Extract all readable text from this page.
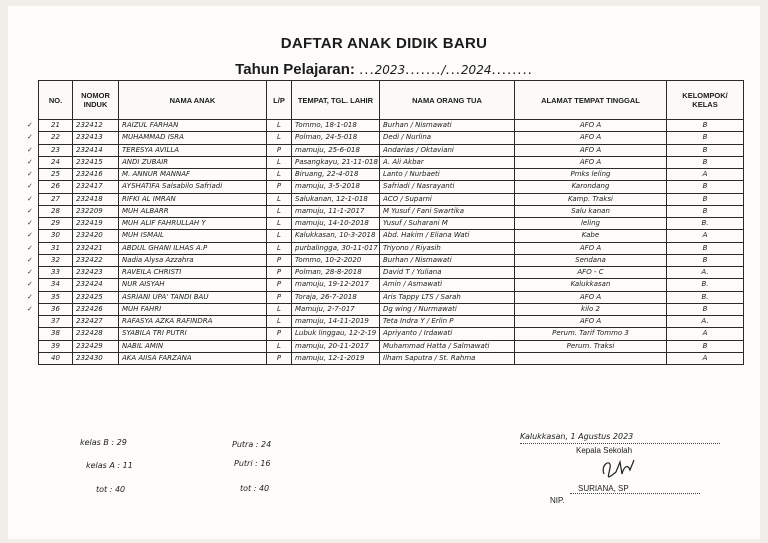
DAFTAR ANAK DIDIK BARU
Tahun Pelajaran: ...2023......./...2024........
NO.	NOMOR INDUK	NAMA ANAK	L/P	TEMPAT, TGL. LAHIR	NAMA ORANG TUA	ALAMAT TEMPAT TINGGAL	KELOMPOK/ KELAS

✓ 21	232412	RAIZUL FARHAN	L	Tommo, 18-1-018	Burhan / Nismawati	AFO A	B

✓ 22	232413	MUHAMMAD ISRA	L	Polman, 24-5-018	Dedi / Nurlina	AFO A	B

✓ 23	232414	TERESYA AVILLA	P	mamuju, 25-6-018	Andarias / Oktaviani	AFO A	B

✓ 24	232415	ANDI ZUBAIR	L	Pasangkayu, 21-11-018	A. Ali Akbar	AFO A	B

✓ 25	232416	M. ANNUR MANNAF	L	Biruang, 22-4-018	Lanto / Nurbaeti	Pmks leling	A

✓ 26	232417	AYSHATIFA Salsabilo Safriadi	P	mamuju, 3-5-2018	Safriadi / Nasrayanti	Karondang	B

✓ 27	232418	RIFKI AL IMRAN	L	Salukanan, 12-1-018	ACO / Suparni	Kamp. Traksi	B

✓ 28	232209	MUH ALBARR	L	mamuju, 11-1-2017	M Yusuf / Fani Swartika	Salu kanan	B

✓ 29	232419	MUH ALIF FAHRULLAH Y	L	mamuju, 14-10-2018	Yusuf / Suharani M	leling	B.

✓ 30	232420	MUH ISMAIL	L	Kalukkasan, 10-3-2018	Abd. Hakim / Eliana Wati	Kabe	A

✓ 31	232421	ABDUL GHANI ILHAS A.P	L	purbalingga, 30-11-017	Triyono / Riyasih	AFO A	B

✓ 32	232422	Nadia Alysa Azzahra	P	Tommo, 10-2-2020	Burhan / Nismawati	Sendana	B

✓ 33	232423	RAVEILA CHRISTI	P	Polman, 28-8-2018	David T / Yuliana	AFO - C	A.

✓ 34	232424	NUR AISYAH	P	mamuju, 19-12-2017	Amin / Asmawati	Kalukkasan	B.

✓ 35	232425	ASRIANI UPA' TANDI BAU	P	Toraja, 26-7-2018	Aris Tappy LTS / Sarah	AFO A	B.

✓ 36	232426	MUH FAHRI	L	Mamuju, 2-7-017	Dg wing / Nurmawati	kilo 2	B
37	232427	RAFASYA AZKA RAFINDRA	L	mamuju, 14-11-2019	Teta Indra Y / Erlin P	AFO A	A.
38	232428	SYABILA TRI PUTRI	P	Lubuk linggau, 12-2-19	Apriyanto / Irdawati	Perum. Tarif Tommo 3	A
39	232429	NABIL AMIN	L	mamuju, 20-11-2017	Muhammad Hatta / Salmawati	Perum. Traksi	B
40	232430	AKA AIISA FARZANA	P	mamuju, 12-1-2019	Ilham Saputra / St. Rahma		A
kelas B : 29
kelas A : 11
tot : 40
Putra : 24
Putri : 16
tot : 40
Kalukkasan, 1 Agustus 2023
Kepala Sekolah
SURIANA, SP
NIP.
